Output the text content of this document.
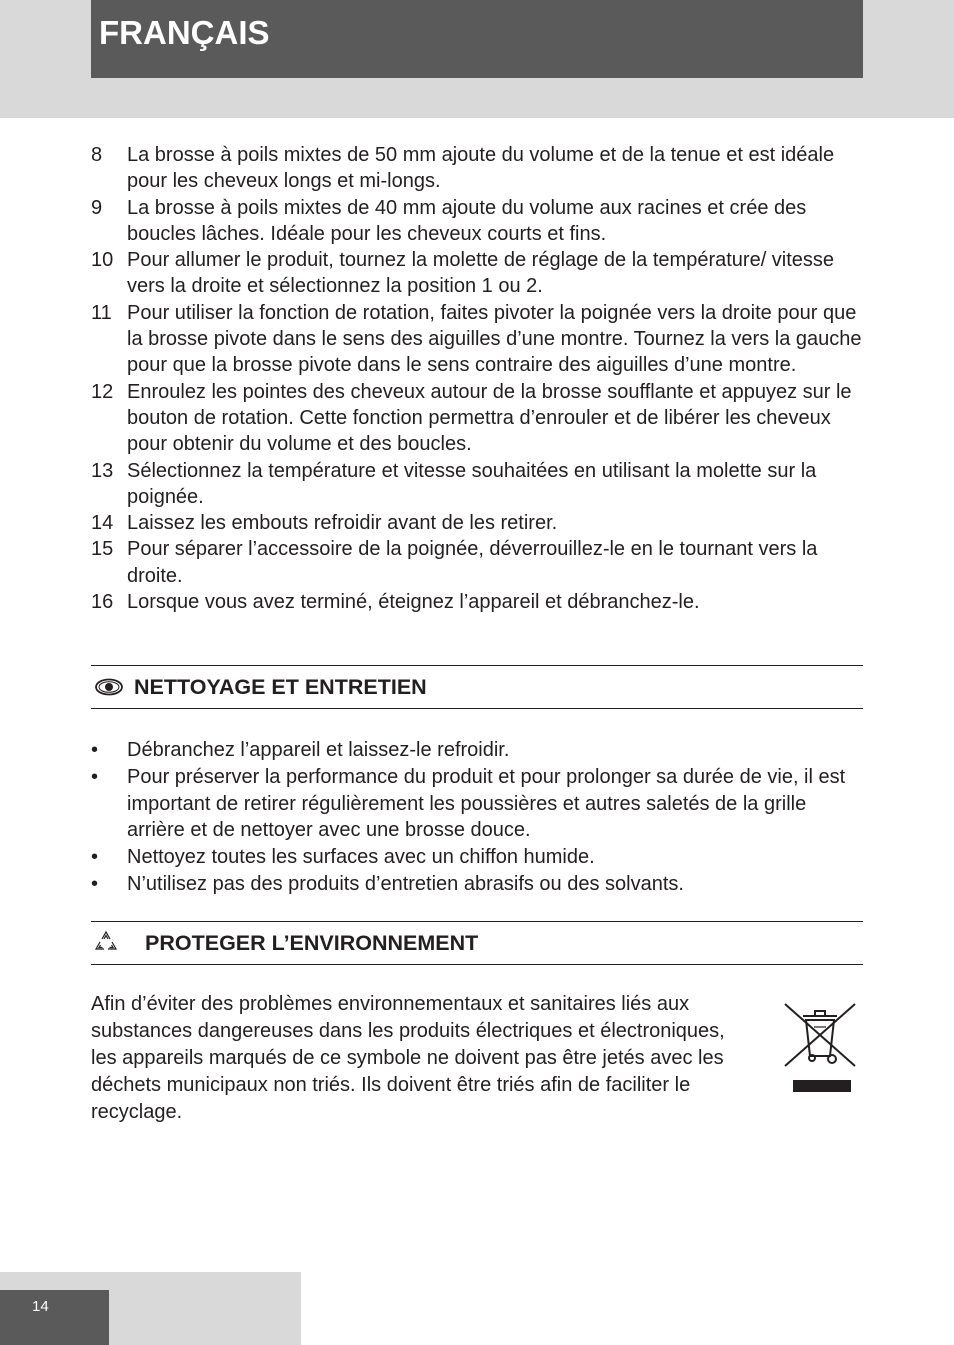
FRANÇAIS
8	La brosse à poils mixtes de 50 mm ajoute du volume et de la tenue et est idéale pour les cheveux longs et mi-longs.
9	La brosse à poils mixtes de 40 mm ajoute du volume aux racines et crée des boucles lâches. Idéale pour les cheveux courts et fins.
10 Pour allumer le produit, tournez la molette de réglage de la température/ vitesse vers la droite et sélectionnez la position 1 ou 2.
11 Pour utiliser la fonction de rotation, faites pivoter la poignée vers la droite pour que la brosse pivote dans le sens des aiguilles d’une montre. Tournez la vers la gauche pour que la brosse pivote dans le sens contraire des aiguilles d’une montre.
12 Enroulez les pointes des cheveux autour de la brosse soufflante et appuyez sur le bouton de rotation. Cette fonction permettra d’enrouler et de libérer les cheveux pour obtenir du volume et des boucles.
13 Sélectionnez la température et vitesse souhaitées en utilisant la molette sur la poignée.
14 Laissez les embouts refroidir avant de les retirer.
15 Pour séparer l’accessoire de la poignée, déverrouillez-le en le tournant vers la droite.
16 Lorsque vous avez terminé, éteignez l’appareil et débranchez-le.
NETTOYAGE ET ENTRETIEN
•	Débranchez l’appareil et laissez-le refroidir.
•	Pour préserver la performance du produit et pour prolonger sa durée de vie, il est important de retirer régulièrement les poussières et autres saletés de la grille arrière et de nettoyer avec une brosse douce.
•	Nettoyez toutes les surfaces avec un chiffon humide.
•	N’utilisez pas des produits d’entretien abrasifs ou des solvants.
PROTEGER L’ENVIRONNEMENT
Afin d’éviter des problèmes environnementaux et sanitaires liés aux substances dangereuses dans les produits électriques et électroniques, les appareils marqués de ce symbole ne doivent pas être jetés avec les déchets municipaux non triés. Ils doivent être triés afin de faciliter le recyclage.
14
